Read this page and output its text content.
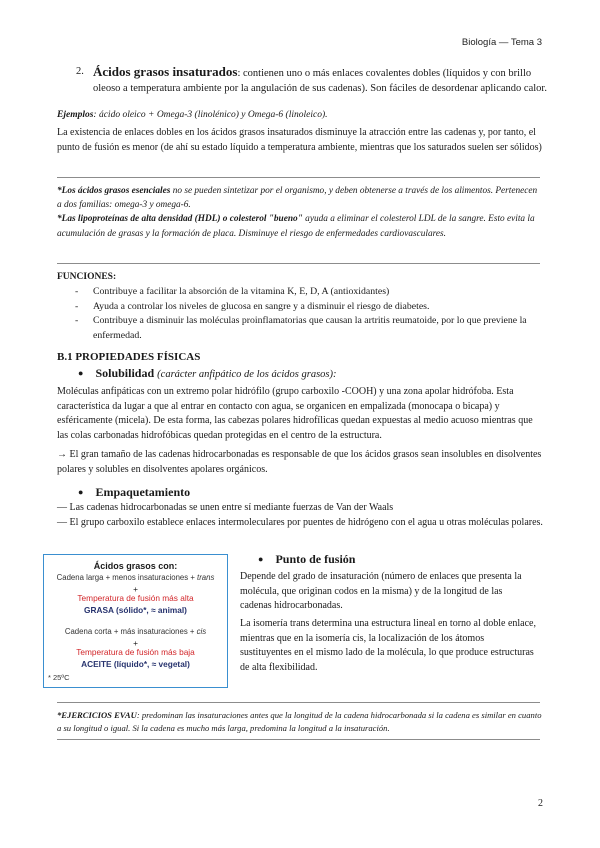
Biología — Tema 3
2. Ácidos grasos insaturados: contienen uno o más enlaces covalentes dobles (líquidos y con brillo oleoso a temperatura ambiente por la angulación de sus cadenas). Son fáciles de desordenar aplicando calor.
Ejemplos: ácido oleico + Omega-3 (linolénico) y Omega-6 (linoleico).
La existencia de enlaces dobles en los ácidos grasos insaturados disminuye la atracción entre las cadenas y, por tanto, el punto de fusión es menor (de ahí su estado líquido a temperatura ambiente, mientras que los saturados suelen ser sólidos)
*Los ácidos grasos esenciales no se pueden sintetizar por el organismo, y deben obtenerse a través de los alimentos. Pertenecen a dos familias: omega-3 y omega-6.
*Las lipoproteínas de alta densidad (HDL) o colesterol "bueno" ayuda a eliminar el colesterol LDL de la sangre. Esto evita la acumulación de grasas y la formación de placa. Disminuye el riesgo de enfermedades cardiovasculares.
FUNCIONES:
- Contribuye a facilitar la absorción de la vitamina K, E, D, A (antioxidantes)
- Ayuda a controlar los niveles de glucosa en sangre y a disminuir el riesgo de diabetes.
- Contribuye a disminuir las moléculas proinflamatorias que causan la artritis reumatoide, por lo que previene la enfermedad.
B.1 PROPIEDADES FÍSICAS
● Solubilidad (carácter anfipático de los ácidos grasos):
Moléculas anfipáticas con un extremo polar hidrófilo (grupo carboxilo -COOH) y una zona apolar hidrófoba. Esta característica da lugar a que al entrar en contacto con agua, se organicen en empalizada (monocapa o bicapa) y esféricamente (micela). De esta forma, las cabezas polares hidrofílicas quedan expuestas al medio acuoso mientras que las colas carbonadas hidrofóbicas quedan protegidas en el centro de la estructura.
→ El gran tamaño de las cadenas hidrocarbonadas es responsable de que los ácidos grasos sean insolubles en disolventes polares y solubles en disolventes apolares orgánicos.
● Empaquetamiento
— Las cadenas hidrocarbonadas se unen entre sí mediante fuerzas de Van der Waals
— El grupo carboxilo establece enlaces intermoleculares por puentes de hidrógeno con el agua u otras moléculas polares.
Ácidos grasos con:
Cadena larga + menos insaturaciones + trans
+
Temperatura de fusión más alta
GRASA (sólido*, ≈ animal)
Cadena corta + más insaturaciones + cis
+
Temperatura de fusión más baja
ACEITE (líquido*, ≈ vegetal)
* 25ºC
● Punto de fusión
Depende del grado de insaturación (número de enlaces que presenta la molécula, que originan codos en la misma) y de la longitud de las cadenas hidrocarbonadas.
La isomería trans determina una estructura lineal en torno al doble enlace, mientras que en la isomería cis, la localización de los átomos sustituyentes en el mismo lado de la molécula, lo que produce estructuras de alta flexibilidad.
*EJERCICIOS EVAU: predominan las insaturaciones antes que la longitud de la cadena hidrocarbonada si la cadena es similar en cuanto a su longitud o igual. Si la cadena es mucho más larga, predomina la longitud a la insaturación.
2
